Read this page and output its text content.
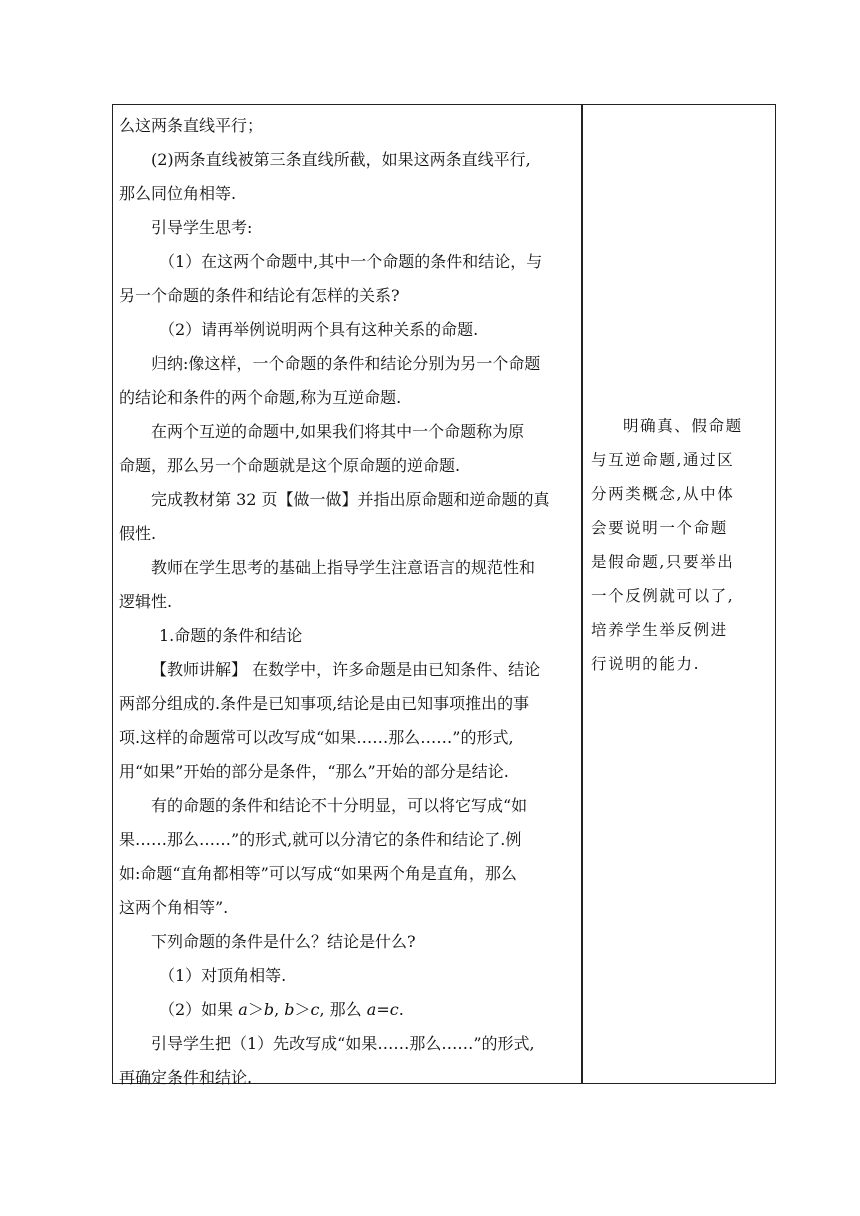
么这两条直线平行；
(2)两条直线被第三条直线所截，如果这两条直线平行,
那么同位角相等.
引导学生思考:
（1）在这两个命题中,其中一个命题的条件和结论，与
另一个命题的条件和结论有怎样的关系?
（2）请再举例说明两个具有这种关系的命题.
归纳:像这样，一个命题的条件和结论分别为另一个命题
的结论和条件的两个命题,称为互逆命题.
在两个互逆的命题中,如果我们将其中一个命题称为原
命题，那么另一个命题就是这个原命题的逆命题.
完成教材第 32 页【做一做】并指出原命题和逆命题的真
假性.
教师在学生思考的基础上指导学生注意语言的规范性和
逻辑性.
1.命题的条件和结论
【教师讲解】 在数学中，许多命题是由已知条件、结论
两部分组成的.条件是已知事项,结论是由已知事项推出的事
项.这样的命题常可以改写成“如果……那么……”的形式,
用“如果”开始的部分是条件，“那么”开始的部分是结论.
有的命题的条件和结论不十分明显，可以将它写成“如
果……那么……”的形式,就可以分清它的条件和结论了.例
如:命题“直角都相等”可以写成“如果两个角是直角，那么
这两个角相等”.
下列命题的条件是什么？结论是什么?
（1）对顶角相等.
（2）如果 a＞b, b＞c, 那么 a=c.
引导学生把（1）先改写成“如果……那么……”的形式,
再确定条件和结论.
明确真、假命题
与互逆命题,通过区
分两类概念,从中体
会要说明一个命题
是假命题,只要举出
一个反例就可以了,
培养学生举反例进
行说明的能力.
